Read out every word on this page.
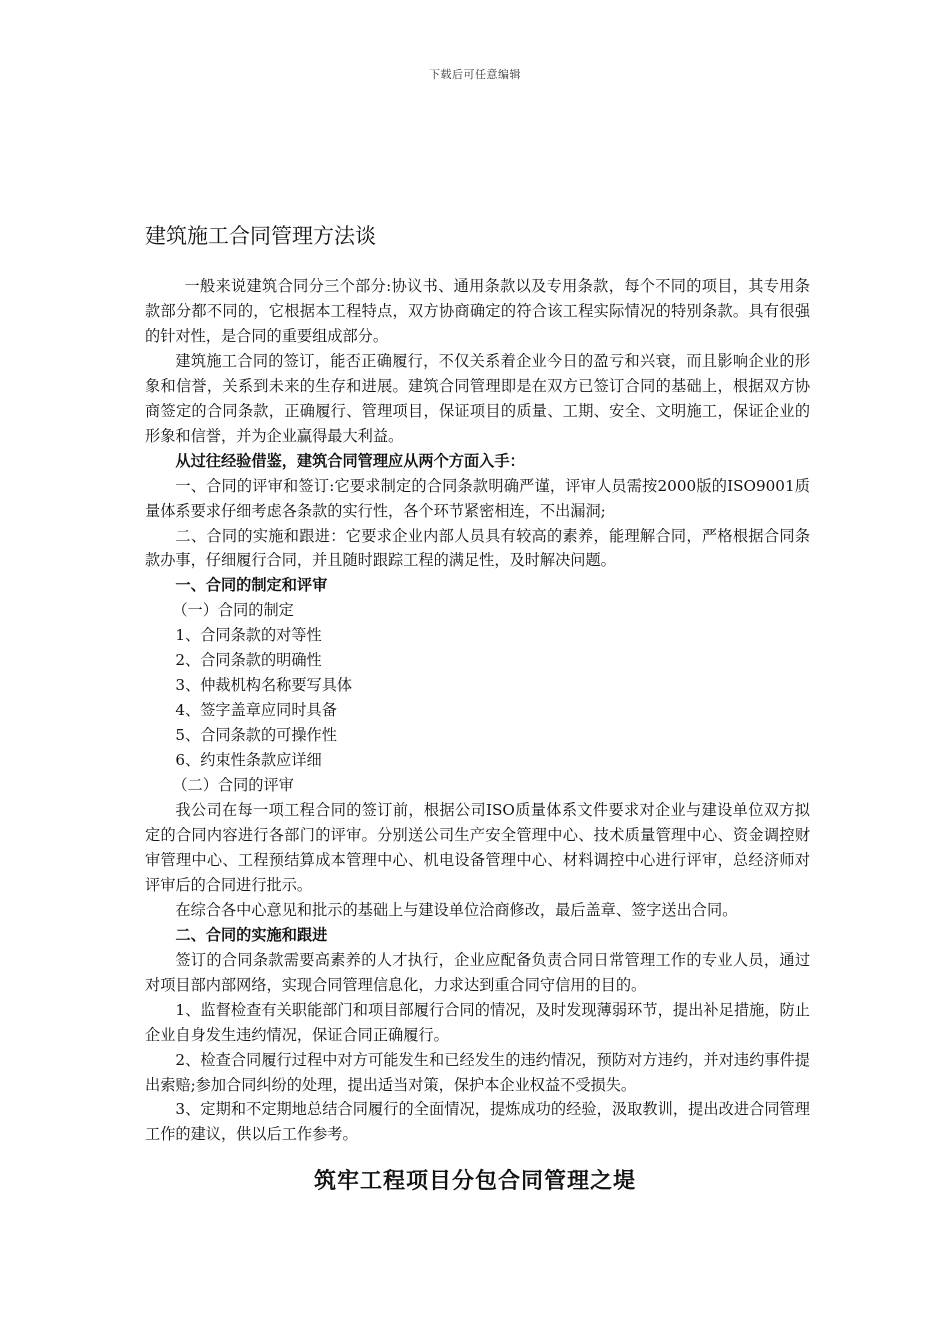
下载后可任意编辑
建筑施工合同管理方法谈

一般来说建筑合同分三个部分:协议书、通用条款以及专用条款，每个不同的项目，其专用条款部分都不同的，它根据本工程特点，双方协商确定的符合该工程实际情况的特别条款。具有很强的针对性，是合同的重要组成部分。

建筑施工合同的签订，能否正确履行，不仅关系着企业今日的盈亏和兴衰，而且影响企业的形象和信誉，关系到未来的生存和进展。建筑合同管理即是在双方已签订合同的基础上，根据双方协商签定的合同条款，正确履行、管理项目，保证项目的质量、工期、安全、文明施工，保证企业的形象和信誉，并为企业赢得最大利益。

从过往经验借鉴，建筑合同管理应从两个方面入手：

一、合同的评审和签订:它要求制定的合同条款明确严谨，评审人员需按2000版的ISO9001质量体系要求仔细考虑各条款的实行性，各个环节紧密相连，不出漏洞;

二、合同的实施和跟进：它要求企业内部人员具有较高的素养，能理解合同，严格根据合同条款办事，仔细履行合同，并且随时跟踪工程的满足性，及时解决问题。

一、合同的制定和评审

（一）合同的制定

1、合同条款的对等性

2、合同条款的明确性

3、仲裁机构名称要写具体

4、签字盖章应同时具备

5、合同条款的可操作性

6、约束性条款应详细

（二）合同的评审

我公司在每一项工程合同的签订前，根据公司ISO质量体系文件要求对企业与建设单位双方拟定的合同内容进行各部门的评审。分别送公司生产安全管理中心、技术质量管理中心、资金调控财审管理中心、工程预结算成本管理中心、机电设备管理中心、材料调控中心进行评审，总经济师对评审后的合同进行批示。

在综合各中心意见和批示的基础上与建设单位洽商修改，最后盖章、签字送出合同。

二、合同的实施和跟进

签订的合同条款需要高素养的人才执行，企业应配备负责合同日常管理工作的专业人员，通过对项目部内部网络，实现合同管理信息化，力求达到重合同守信用的目的。

1、监督检查有关职能部门和项目部履行合同的情况，及时发现薄弱环节，提出补足措施，防止企业自身发生违约情况，保证合同正确履行。

2、检查合同履行过程中对方可能发生和已经发生的违约情况，预防对方违约，并对违约事件提出索赔;参加合同纠纷的处理，提出适当对策，保护本企业权益不受损失。

3、定期和不定期地总结合同履行的全面情况，提炼成功的经验，汲取教训，提出改进合同管理工作的建议，供以后工作参考。

筑牢工程项目分包合同管理之堤
